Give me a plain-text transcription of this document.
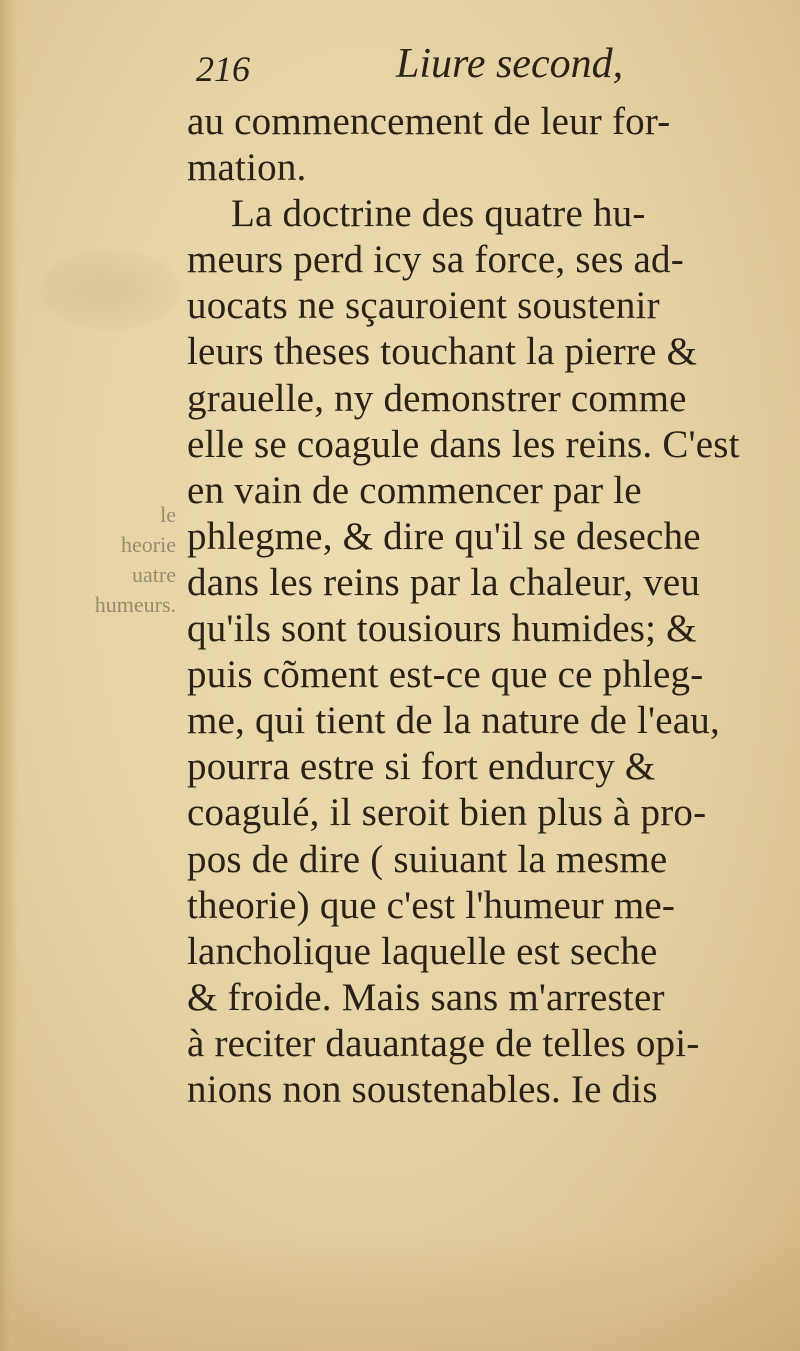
216	Liure second,
le
heorie
uatre
humeurs.
au commencement de leur for-
mation.
La doctrine des quatre hu-
meurs perd icy sa force, ses ad-
uocats ne sçauroient soustenir
leurs theses touchant la pierre &
grauelle, ny demonstrer comme
elle se coagule dans les reins. C'est
en vain de commencer par le
phlegme, & dire qu'il se deseche
dans les reins par la chaleur, veu
qu'ils sont tousiours humides; &
puis cõment est-ce que ce phleg-
me, qui tient de la nature de l'eau,
pourra estre si fort endurcy &
coagulé, il seroit bien plus à pro-
pos de dire ( suiuant la mesme
theorie) que c'est l'humeur me-
lancholique laquelle est seche
& froide. Mais sans m'arrester
à reciter dauantage de telles opi-
nions non soustenables. Ie dis
